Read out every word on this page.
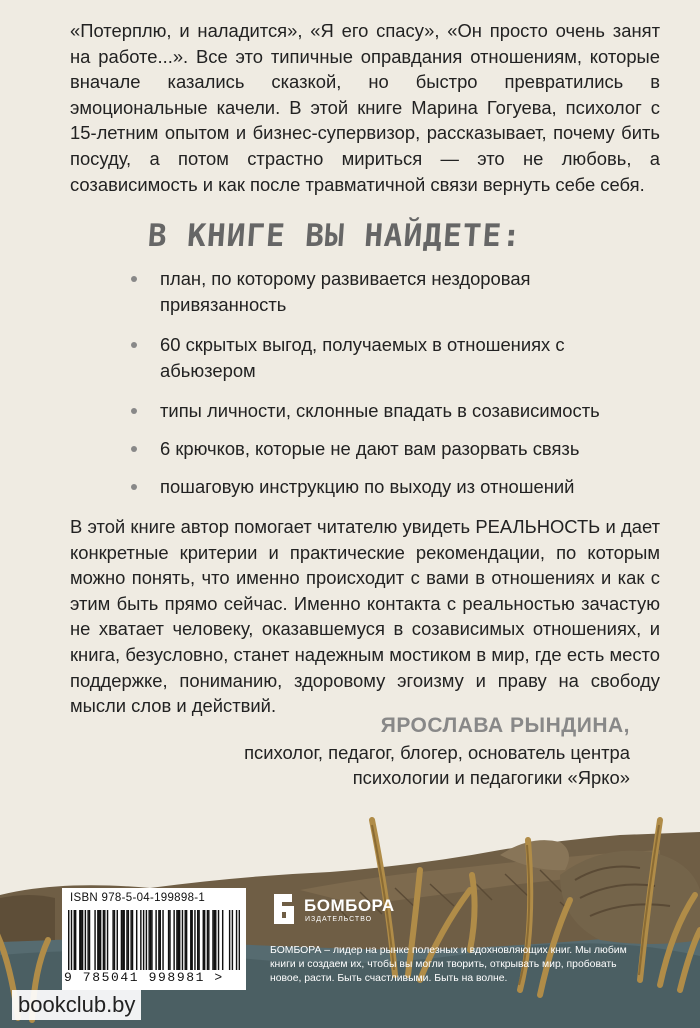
«Потерплю, и наладится», «Я его спасу», «Он просто очень занят на работе...». Все это типичные оправдания отношениям, которые вначале казались сказкой, но быстро превратились в эмоциональные качели. В этой книге Марина Гогуева, психолог с 15-летним опытом и бизнес-супервизор, рассказывает, почему бить посуду, а потом страстно мириться — это не любовь, а созависимость и как после травматичной связи вернуть себе себя.

В КНИГЕ ВЫ НАЙДЕТЕ:
план, по которому развивается нездоровая привязанность
60 скрытых выгод, получаемых в отношениях с абьюзером
типы личности, склонные впадать в созависимость
6 крючков, которые не дают вам разорвать связь
пошаговую инструкцию по выходу из отношений

В этой книге автор помогает читателю увидеть РЕАЛЬНОСТЬ и дает конкретные критерии и практические рекомендации, по которым можно понять, что именно происходит с вами в отношениях и как с этим быть прямо сейчас. Именно контакта с реальностью зачастую не хватает человеку, оказавшемуся в созависимых отношениях, и книга, безусловно, станет надежным мостиком в мир, где есть место поддержке, пониманию, здоровому эгоизму и праву на свободу мысли слов и действий.

ЯРОСЛАВА РЫНДИНА,
психолог, педагог, блогер, основатель центра
психологии и педагогики «Ярко»
ISBN 978-5-04-199898-1
9 785041 998981 >
БОМБОРА
ИЗДАТЕЛЬСТВО

БОМБОРА – лидер на рынке полезных и вдохновляющих книг. Мы любим книги и создаем их, чтобы вы могли творить, открывать мир, пробовать новое, расти. Быть счастливыми. Быть на волне.

bookclub.by
